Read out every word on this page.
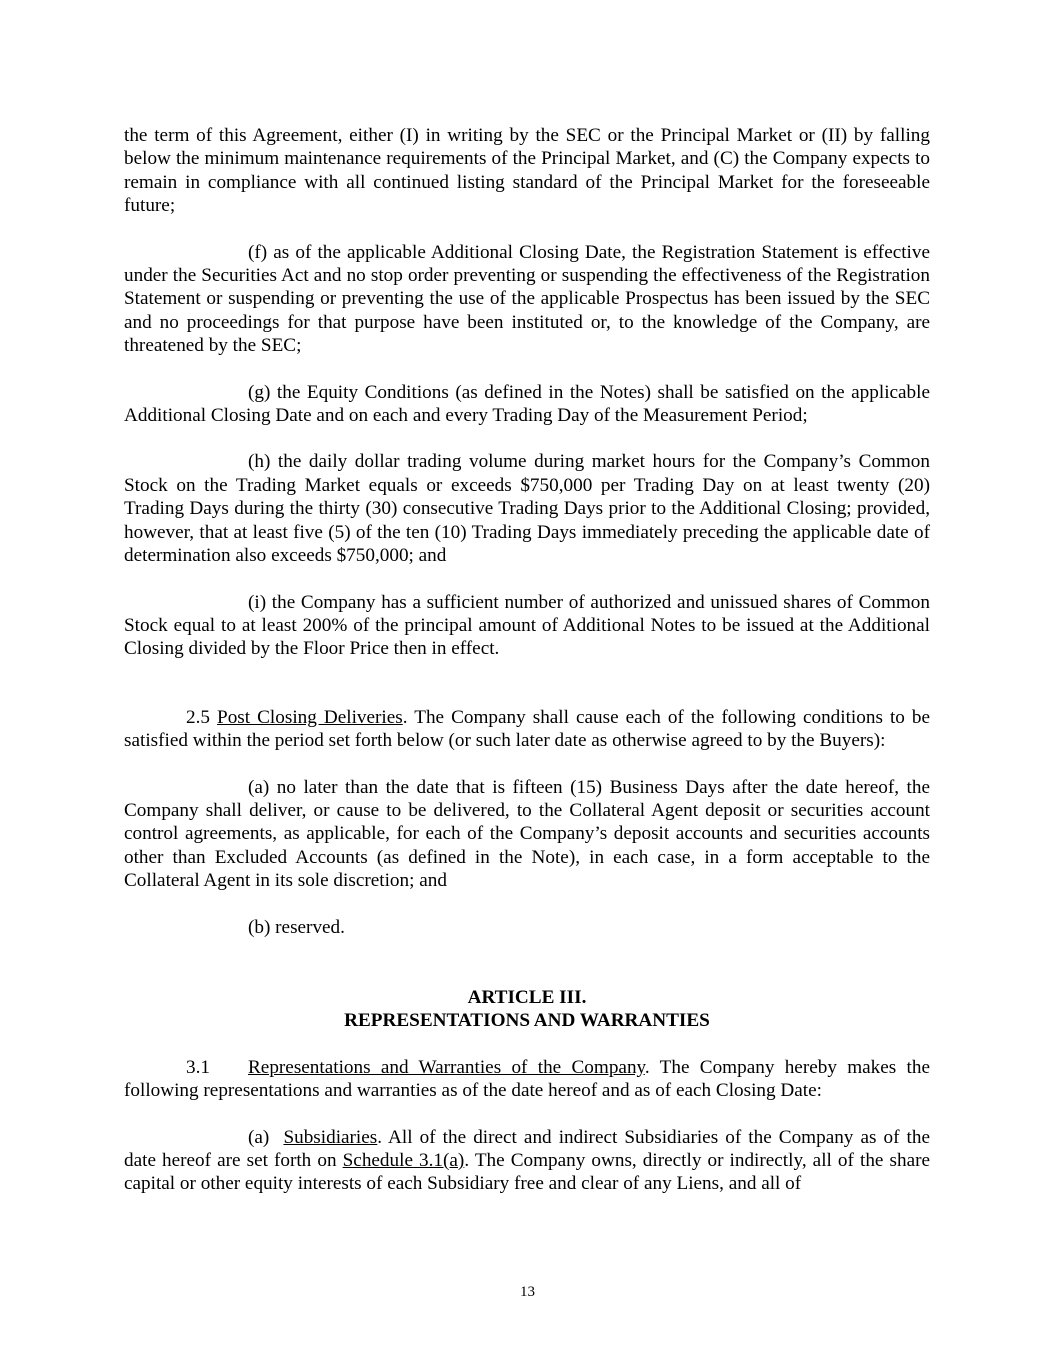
the term of this Agreement, either (I) in writing by the SEC or the Principal Market or (II) by falling below the minimum maintenance requirements of the Principal Market, and (C) the Company expects to remain in compliance with all continued listing standard of the Principal Market for the foreseeable future;

(f) as of the applicable Additional Closing Date, the Registration Statement is effective under the Securities Act and no stop order preventing or suspending the effectiveness of the Registration Statement or suspending or preventing the use of the applicable Prospectus has been issued by the SEC and no proceedings for that purpose have been instituted or, to the knowledge of the Company, are threatened by the SEC;

(g) the Equity Conditions (as defined in the Notes) shall be satisfied on the applicable Additional Closing Date and on each and every Trading Day of the Measurement Period;

(h) the daily dollar trading volume during market hours for the Company’s Common Stock on the Trading Market equals or exceeds $750,000 per Trading Day on at least twenty (20) Trading Days during the thirty (30) consecutive Trading Days prior to the Additional Closing; provided, however, that at least five (5) of the ten (10) Trading Days immediately preceding the applicable date of determination also exceeds $750,000; and

(i) the Company has a sufficient number of authorized and unissued shares of Common Stock equal to at least 200% of the principal amount of Additional Notes to be issued at the Additional Closing divided by the Floor Price then in effect.

2.5 Post Closing Deliveries. The Company shall cause each of the following conditions to be satisfied within the period set forth below (or such later date as otherwise agreed to by the Buyers):

(a) no later than the date that is fifteen (15) Business Days after the date hereof, the Company shall deliver, or cause to be delivered, to the Collateral Agent deposit or securities account control agreements, as applicable, for each of the Company’s deposit accounts and securities accounts other than Excluded Accounts (as defined in the Note), in each case, in a form acceptable to the Collateral Agent in its sole discretion; and

(b) reserved.

ARTICLE III.

REPRESENTATIONS AND WARRANTIES

3.1 Representations and Warranties of the Company. The Company hereby makes the following representations and warranties as of the date hereof and as of each Closing Date:

(a) Subsidiaries. All of the direct and indirect Subsidiaries of the Company as of the date hereof are set forth on Schedule 3.1(a). The Company owns, directly or indirectly, all of the share capital or other equity interests of each Subsidiary free and clear of any Liens, and all of

13
